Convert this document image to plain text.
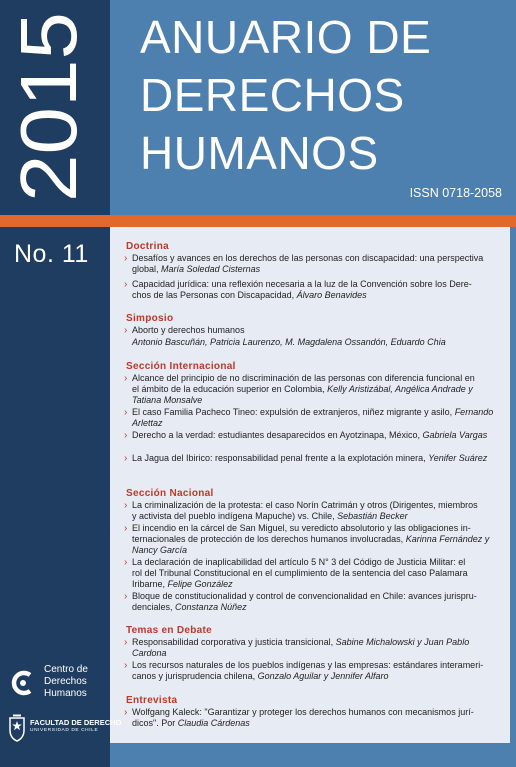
2015 ANUARIO DE
DERECHOS
HUMANOS
ISSN 0718-2058
No. 11	Doctrina
› Desafíos y avances en los derechos de las personas con discapacidad: una perspectiva global, María Soledad Cisternas
› Capacidad jurídica: una reflexión necesaria a la luz de la Convención sobre los Dere-
chos de las Personas con Discapacidad, Álvaro Benavides
Simposio
› Aborto y derechos humanos
Antonio Bascuñán, Patricia Laurenzo, M. Magdalena Ossandón, Eduardo Chia
Sección Internacional
› Alcance del principio de no discriminación de las personas con diferencia funcional en
el ámbito de la educación superior en Colombia, Kelly Aristizábal, Angélica Andrade y Tatiana Monsalve
› El caso Familia Pacheco Tineo: expulsión de extranjeros, niñez migrante y asilo, Fernando Arlettaz
› Derecho a la verdad: estudiantes desaparecidos en Ayotzinapa, México, Gabriela Vargas
› La Jagua del Ibirico: responsabilidad penal frente a la explotación minera, Yenifer Suárez
Sección Nacional
› La criminalización de la protesta: el caso Norín Catrimán y otros (Dirigentes, miembros
y activista del pueblo indígena Mapuche) vs. Chile, Sebastián Becker
› El incendio en la cárcel de San Miguel, su veredicto absolutorio y las obligaciones in-
ternacionales de protección de los derechos humanos involucradas, Karinna Fernández y Nancy García
› La declaración de inaplicabilidad del artículo 5 N° 3 del Código de Justicia Militar: el
rol del Tribunal Constitucional en el cumplimiento de la sentencia del caso Palamara
Iribarne, Felipe González
› Bloque de constitucionalidad y control de convencionalidad en Chile: avances jurispru-
denciales, Constanza Núñez
Temas en Debate
› Responsabilidad corporativa y justicia transicional, Sabine Michalowski y Juan Pablo Cardona
› Los recursos naturales de los pueblos indígenas y las empresas: estándares interameri-
canos y jurisprudencia chilena, Gonzalo Aguilar y Jennifer Alfaro
Entrevista
› Wolfgang Kaleck: "Garantizar y proteger los derechos humanos con mecanismos jurí-
dicos". Por Claudia Cárdenas
Centro de
Derechos
Humanos
FACULTAD DE DERECHO
UNIVERSIDAD DE CHILE
